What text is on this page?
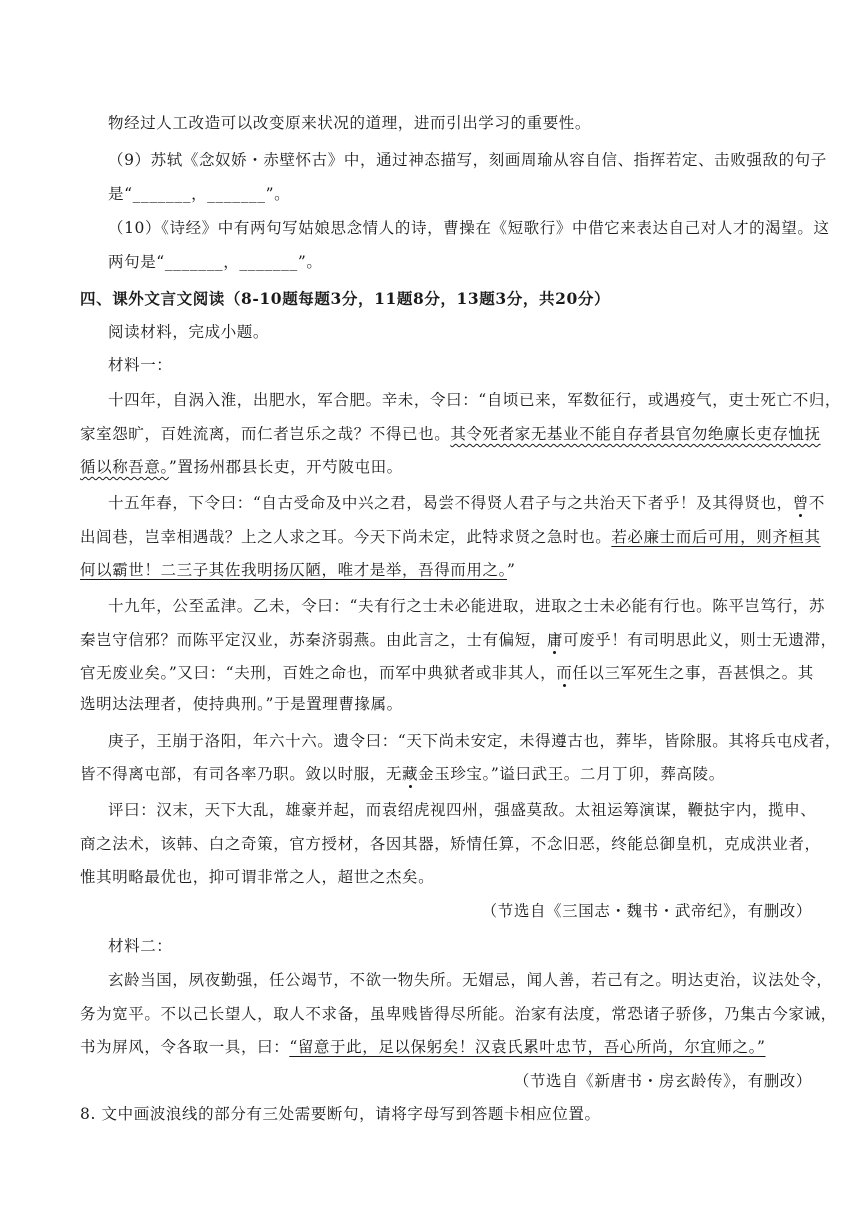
物经过人工改造可以改变原来状况的道理，进而引出学习的重要性。
（9）苏轼《念奴娇・赤壁怀古》中，通过神态描写，刻画周瑜从容自信、指挥若定、击败强敌的句子
是“_______，_______”。
（10）《诗经》中有两句写姑娘思念情人的诗，曹操在《短歌行》中借它来表达自己对人才的渴望。这
两句是“_______，_______”。
四、课外文言文阅读（8-10题每题3分，11题8分，13题3分，共20分）
阅读材料，完成小题。
材料一：
十四年，自涡入淮，出肥水，军合肥。辛未，令曰：“自顷已来，军数征行，或遇疫气，吏士死亡不归，
家室怨旷，百姓流离，而仁者岂乐之哉？不得已也。其令死者家无基业不能自存者县官勿绝廪长吏存恤抚
循以称吾意。”置扬州郡县长吏，开芍陂屯田。
十五年春，下令曰：“自古受命及中兴之君，曷尝不得贤人君子与之共治天下者乎！及其得贤也，曾不
出闾巷，岂幸相遇哉？上之人求之耳。今天下尚未定，此特求贤之急时也。若必廉士而后可用，则齐桓其
何以霸世！二三子其佐我明扬仄陋，唯才是举，吾得而用之。”
十九年，公至孟津。乙未，令曰：“夫有行之士未必能进取，进取之士未必能有行也。陈平岂笃行，苏
秦岂守信邪？而陈平定汉业，苏秦济弱燕。由此言之，士有偏短，庸可废乎！有司明思此义，则士无遗滞，
官无废业矣。”又曰：“夫刑，百姓之命也，而军中典狱者或非其人，而任以三军死生之事，吾甚惧之。其
选明达法理者，使持典刑。”于是置理曹掾属。
庚子，王崩于洛阳，年六十六。遗令曰：“天下尚未安定，未得遵古也，葬毕，皆除服。其将兵屯戍者，
皆不得离屯部，有司各率乃职。敛以时服，无藏金玉珍宝。”谥曰武王。二月丁卯，葬高陵。
评曰：汉末，天下大乱，雄豪并起，而袁绍虎视四州，强盛莫敌。太祖运筹演谋，鞭挞宇内，揽申、
商之法术，该韩、白之奇策，官方授材，各因其器，矫情任算，不念旧恶，终能总御皇机，克成洪业者，
惟其明略最优也，抑可谓非常之人，超世之杰矣。
（节选自《三国志・魏书・武帝纪》，有删改）
材料二：
玄龄当国，夙夜勤强，任公竭节，不欲一物失所。无媢忌，闻人善，若己有之。明达吏治，议法处令，
务为宽平。不以己长望人，取人不求备，虽卑贱皆得尽所能。治家有法度，常恐诸子骄侈，乃集古今家诫，
书为屏风，令各取一具，曰：“留意于此，足以保躬矣！汉袁氏累叶忠节，吾心所尚，尔宜师之。”
（节选自《新唐书・房玄龄传》，有删改）
8. 文中画波浪线的部分有三处需要断句，请将字母写到答题卡相应位置。
